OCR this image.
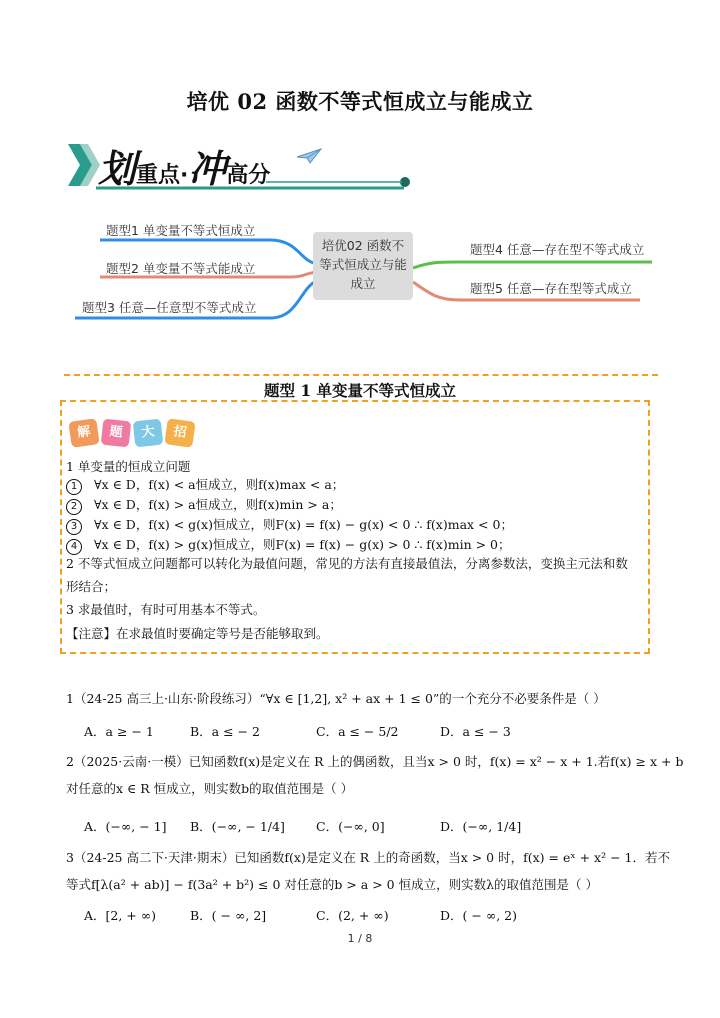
培优 02 函数不等式恒成立与能成立
划重点·冲高分
题型1 单变量不等式恒成立
题型2 单变量不等式能成立
题型3 任意—任意型不等式成立
培优02 函数不
等式恒成立与能
成立
题型4 任意—存在型不等式成立
题型5 任意—存在型等式成立
题型 1 单变量不等式恒成立
解	题	大	招
1 单变量的恒成立问题
1 ∀x ∈ D，f(x) < a恒成立，则f(x)max < a；
2 ∀x ∈ D，f(x) > a恒成立，则f(x)min > a；
3 ∀x ∈ D，f(x) < g(x)恒成立，则F(x) = f(x) − g(x) < 0 ∴ f(x)max < 0；
4 ∀x ∈ D，f(x) > g(x)恒成立，则F(x) = f(x) − g(x) > 0 ∴ f(x)min > 0；
2 不等式恒成立问题都可以转化为最值问题，常见的方法有直接最值法，分离参数法，变换主元法和数
形结合；
3 求最值时，有时可用基本不等式。
【注意】在求最值时要确定等号是否能够取到。
1（24-25 高三上·山东·阶段练习）“∀x ∈ [1,2], x² + ax + 1 ≤ 0”的一个充分不必要条件是（ ）
A．a ≥ − 1	B．a ≤ − 2	C．a ≤ − 5/2	D．a ≤ − 3
2（2025·云南·一模）已知函数f(x)是定义在 R 上的偶函数，且当x > 0 时，f(x) = x² − x + 1.若f(x) ≥ x + b
对任意的x ∈ R 恒成立，则实数b的取值范围是（ ）
A．(−∞, − 1] B．(−∞, − 1/4] C．(−∞, 0]	D．(−∞, 1/4]
3（24-25 高二下·天津·期末）已知函数f(x)是定义在 R 上的奇函数，当x > 0 时，f(x) = eˣ + x² − 1．若不
等式f[λ(a² + ab)] − f(3a² + b²) ≤ 0 对任意的b > a > 0 恒成立，则实数λ的取值范围是（ ）
A．[2, + ∞)	B．( − ∞, 2]	C．(2, + ∞)	D．( − ∞, 2)
1 / 8
